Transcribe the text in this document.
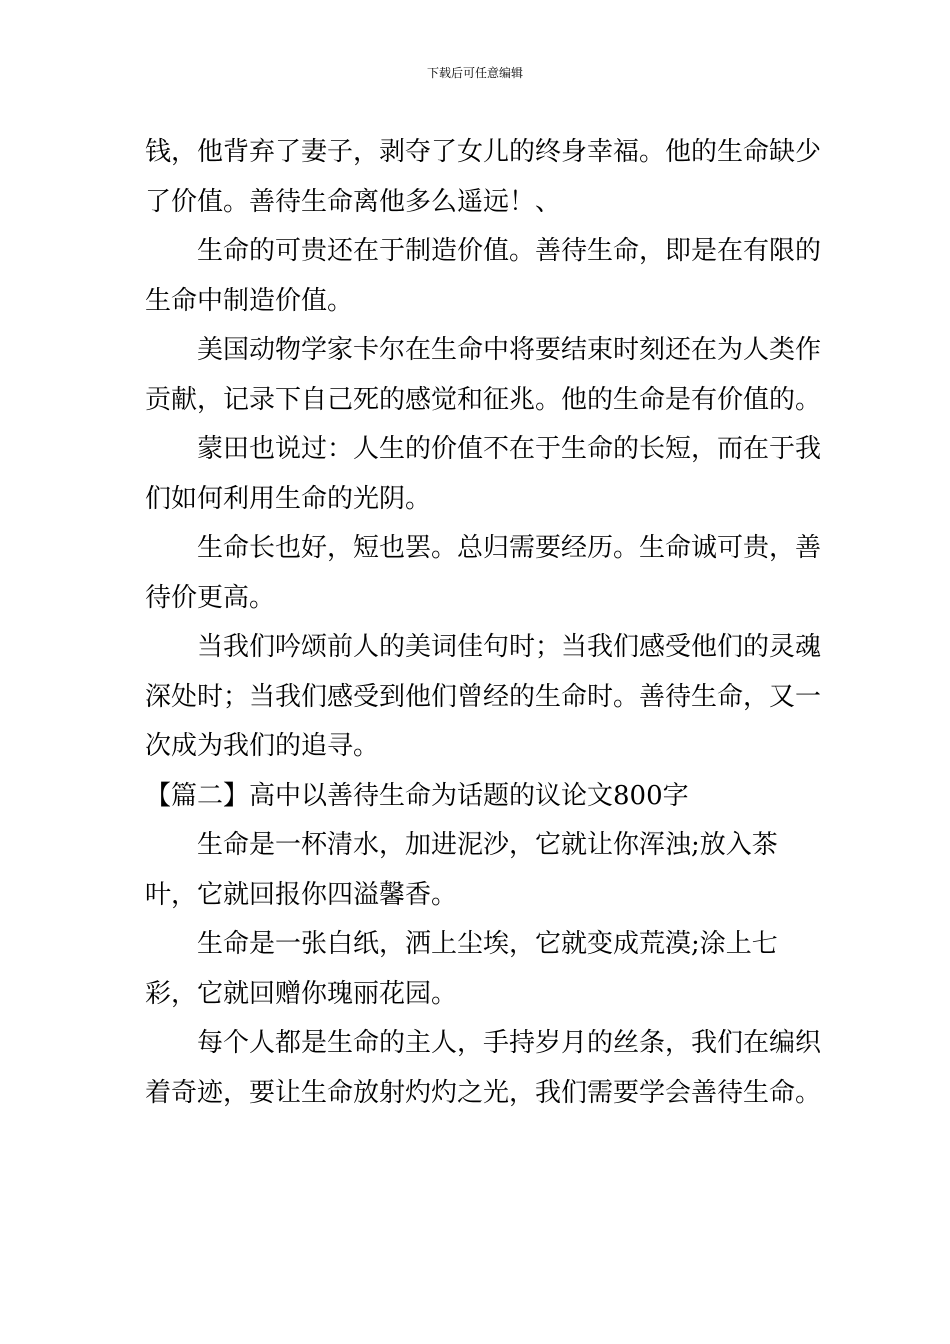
下载后可任意编辑

钱，他背弃了妻子，剥夺了女儿的终身幸福。他的生命缺少了价值。善待生命离他多么遥远！、

生命的可贵还在于制造价值。善待生命，即是在有限的生命中制造价值。

美国动物学家卡尔在生命中将要结束时刻还在为人类作贡献，记录下自己死的感觉和征兆。他的生命是有价值的。

蒙田也说过：人生的价值不在于生命的长短，而在于我们如何利用生命的光阴。

生命长也好，短也罢。总归需要经历。生命诚可贵，善待价更高。

当我们吟颂前人的美词佳句时；当我们感受他们的灵魂深处时；当我们感受到他们曾经的生命时。善待生命，又一次成为我们的追寻。

【篇二】高中以善待生命为话题的议论文800字

生命是一杯清水，加进泥沙，它就让你浑浊;放入茶叶，它就回报你四溢馨香。

生命是一张白纸，洒上尘埃，它就变成荒漠;涂上七彩，它就回赠你瑰丽花园。

每个人都是生命的主人，手持岁月的丝条，我们在编织着奇迹，要让生命放射灼灼之光，我们需要学会善待生命。
